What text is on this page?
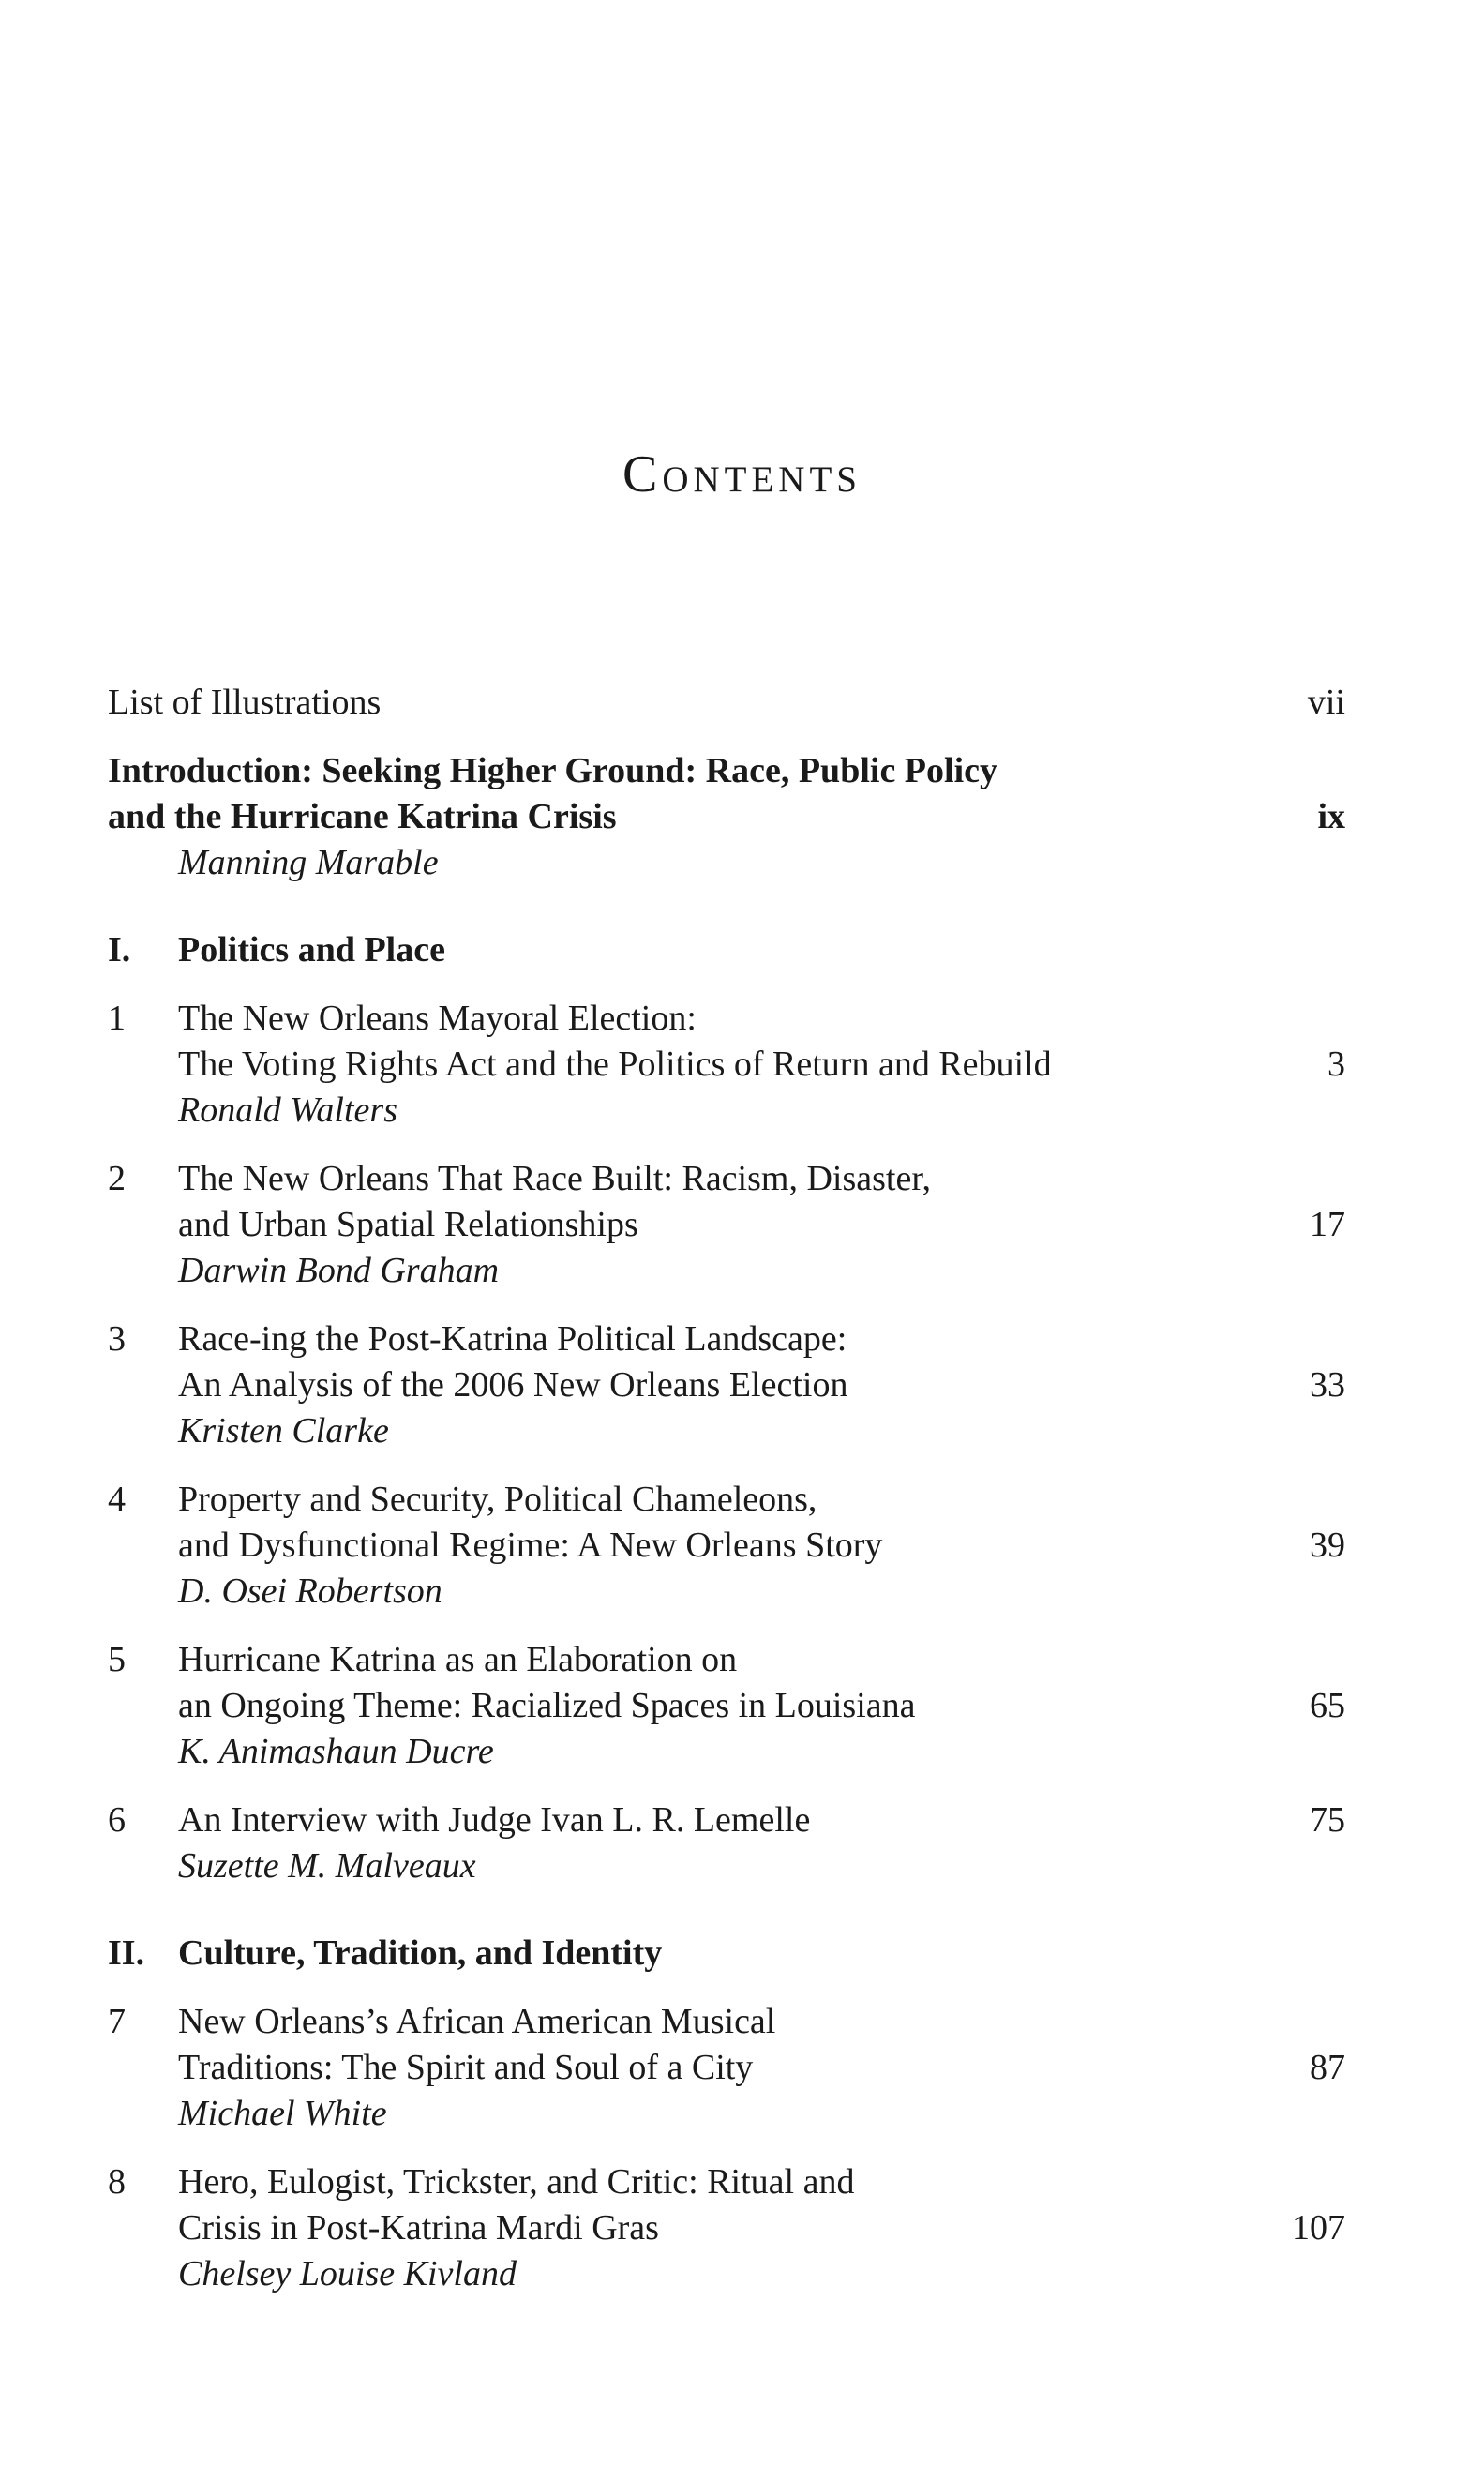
Contents
List of Illustrations	vii
Introduction: Seeking Higher Ground: Race, Public Policy
and the Hurricane Katrina Crisis	ix
Manning Marable
I. Politics and Place
1 The New Orleans Mayoral Election:
The Voting Rights Act and the Politics of Return and Rebuild	3
Ronald Walters
2 The New Orleans That Race Built: Racism, Disaster,
and Urban Spatial Relationships	17
Darwin Bond Graham
3 Race-ing the Post-Katrina Political Landscape:
An Analysis of the 2006 New Orleans Election	33
Kristen Clarke
4 Property and Security, Political Chameleons,
and Dysfunctional Regime: A New Orleans Story	39
D. Osei Robertson
5 Hurricane Katrina as an Elaboration on
an Ongoing Theme: Racialized Spaces in Louisiana	65
K. Animashaun Ducre
6 An Interview with Judge Ivan L. R. Lemelle	75
Suzette M. Malveaux
II. Culture, Tradition, and Identity
7 New Orleans’s African American Musical
Traditions: The Spirit and Soul of a City	87
Michael White
8 Hero, Eulogist, Trickster, and Critic: Ritual and
Crisis in Post-Katrina Mardi Gras	107
Chelsey Louise Kivland
